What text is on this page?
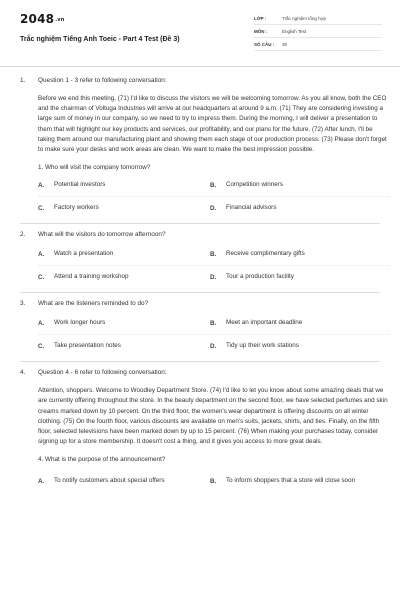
2048.vn
Trắc nghiệm Tiếng Anh Toeic - Part 4 Test (Đề 3)
LỚP :	Trắc nghiệm tổng hợp
MÔN :	English Test
SỐ CÂU :	30
1.	Question 1 - 3 refer to following conversation:
Before we end this meeting, (71) I'd like to discuss the visitors we will be welcoming tomorrow. As you all know, both the CEO and the chairman of Voltuga Industries will arrive at our headquarters at around 9 a.m. (71) They are considering investing a large sum of money in our company, so we need to try to impress them. During the morning, I will deliver a presentation to them that will highlight our key products and services, our profitability, and our plans for the future. (72) After lunch, I'll be taking them around our manufacturing plant and showing them each stage of our production process. (73) Please don't forget to make sure your desks and work areas are clean. We want to make the best impression possible.
1. Who will visit the company tomorrow?
A.	Potential investors	B.	Competition winners
C.	Factory workers	D.	Financial advisors
2.	What will the visitors do tomorrow afternoon?
A.	Watch a presentation	B.	Receive complimentary gifts
C.	Attend a training workshop	D.	Tour a production facility
3.	What are the listeners reminded to do?
A.	Work longer hours	B.	Meet an important deadline
C.	Take presentation notes	D.	Tidy up their work stations
4.	Question 4 - 6 refer to following conversation:
Attention, shoppers. Welcome to Woodley Department Store. (74) I'd like to let you know about some amazing deals that we are currently offering throughout the store. In the beauty department on the second floor, we have selected perfumes and skin creams marked down by 10 percent. On the third floor, the women's wear department is offering discounts on all winter clothing. (75) On the fourth floor, various discounts are available on men's suits, jackets, shirts, and ties. Finally, on the fifth floor, selected televisions have been marked down by up to 15 percent. (76) When making your purchases today, consider signing up for a store membership. It doesn't cost a thing, and it gives you access to more great deals.
4. What is the purpose of the announcement?
A.	To notify customers about special offers	B.	To inform shoppers that a store will close soon
